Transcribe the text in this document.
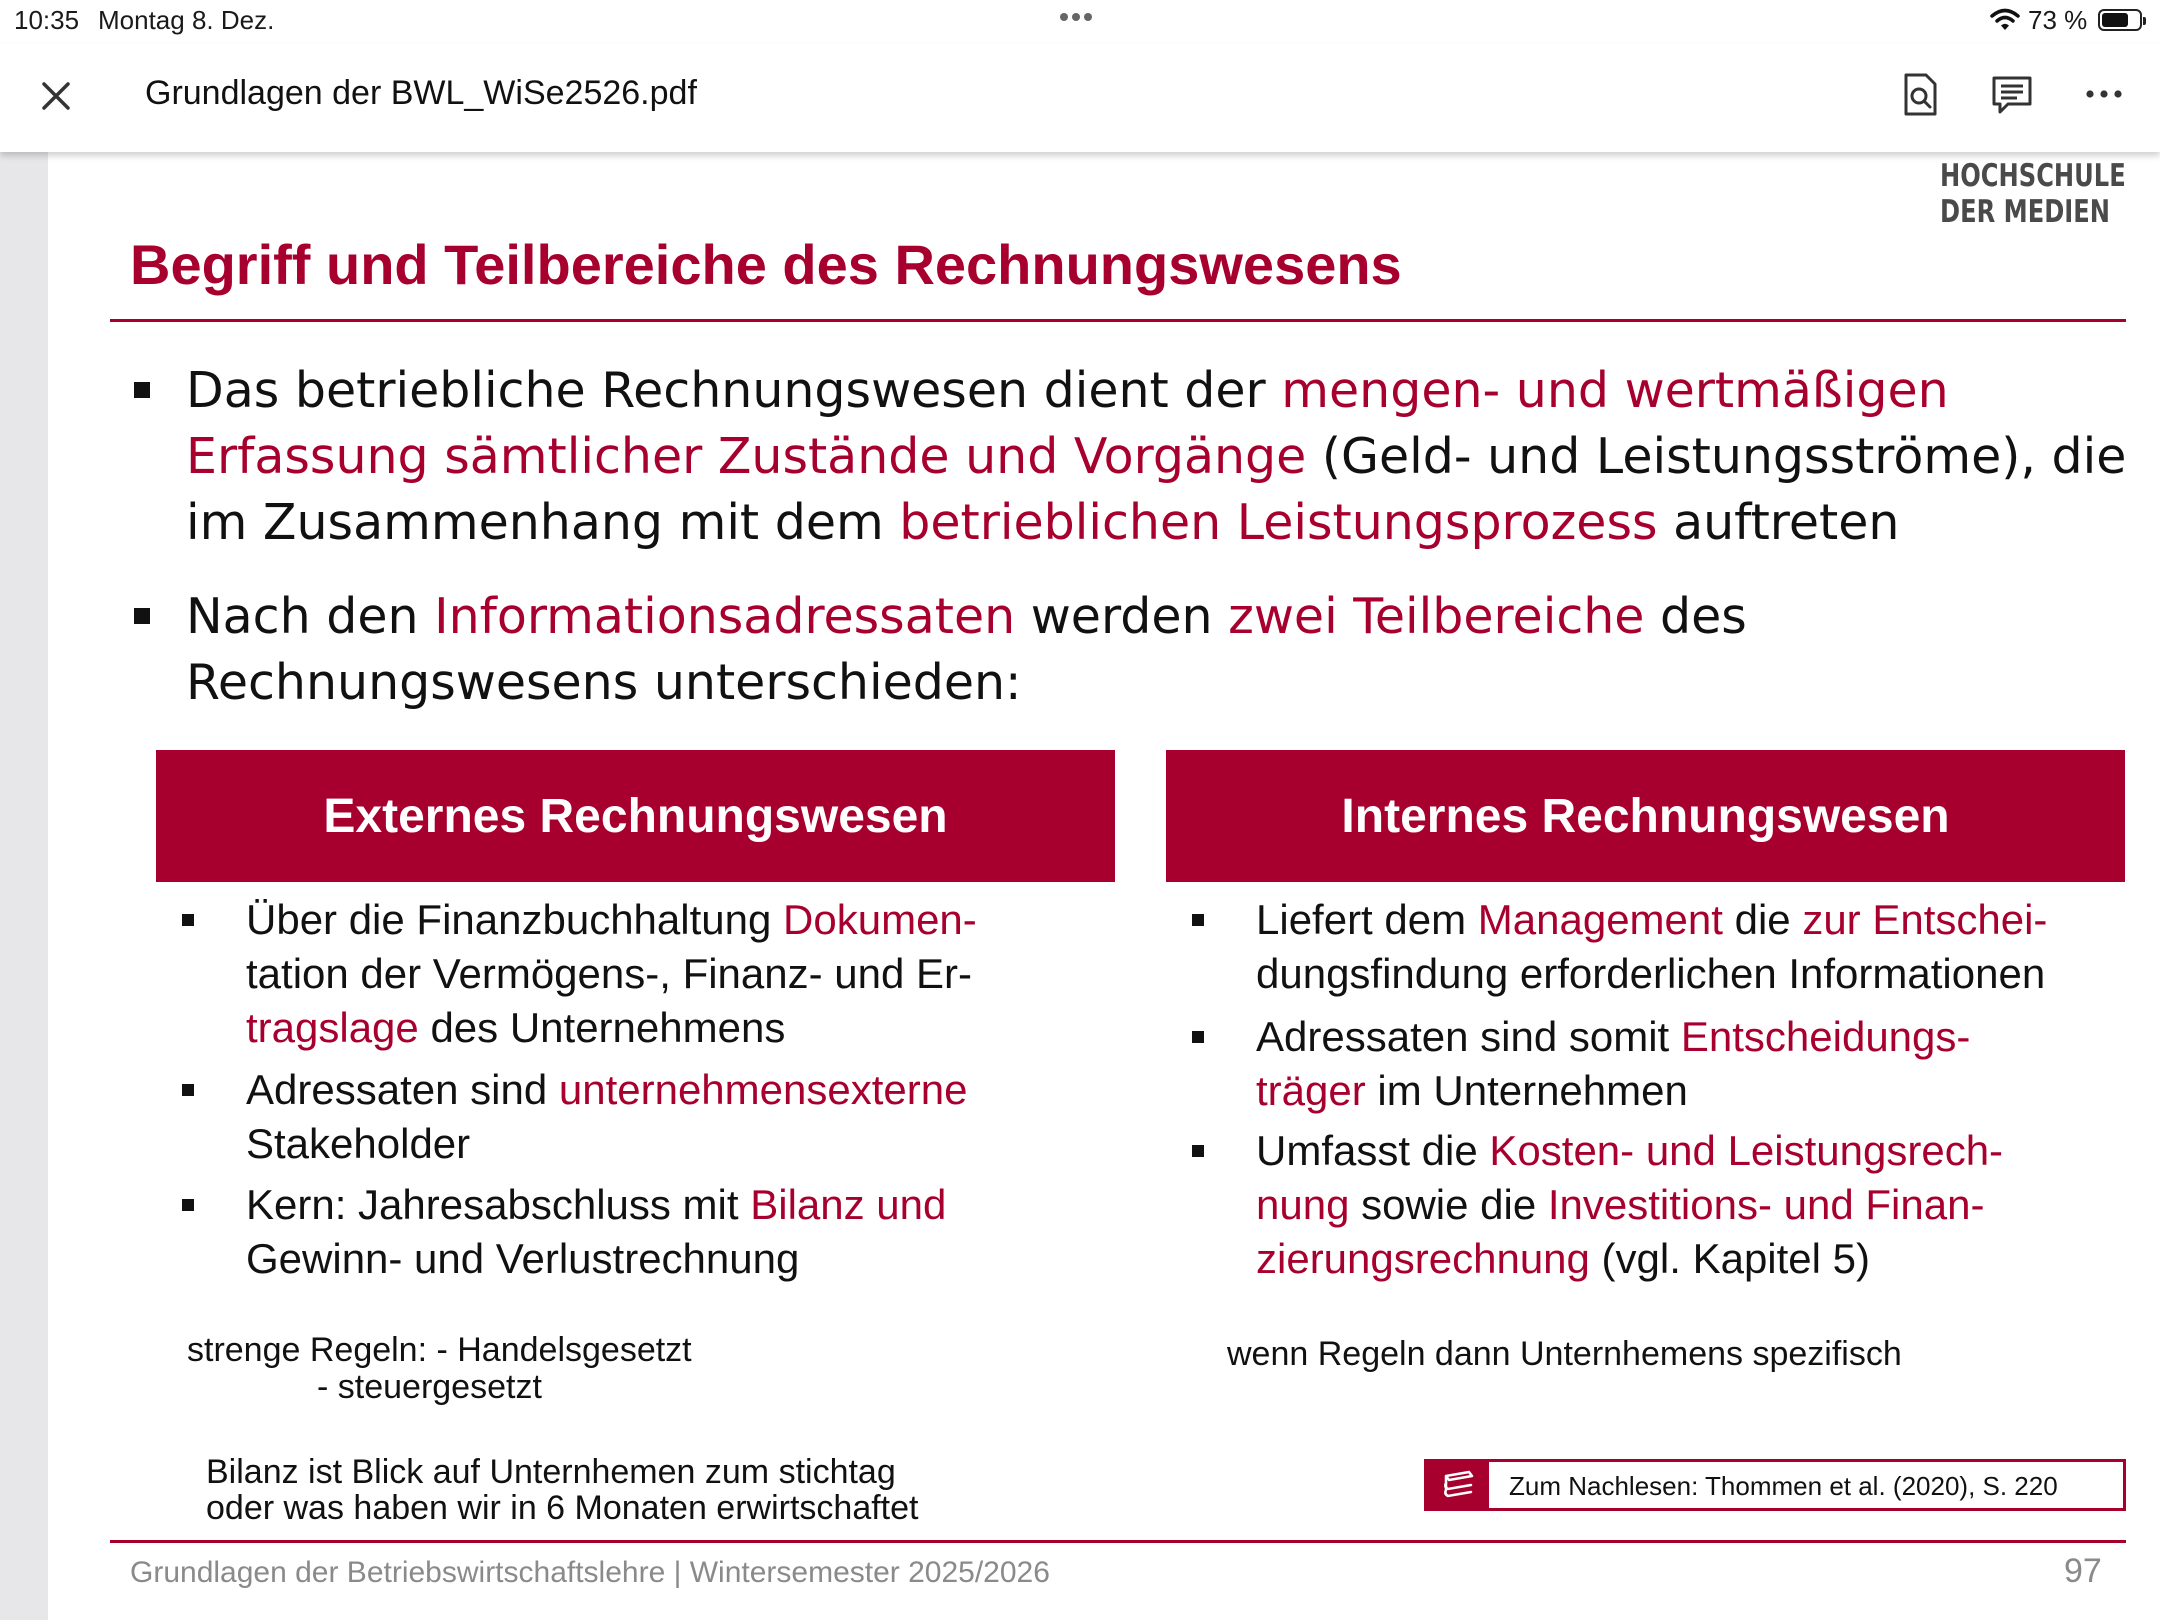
10:35 Montag 8. Dez.	73 %
Grundlagen der BWL_WiSe2526.pdf
HOCHSCHULE
DER MEDIEN
Begriff und Teilbereiche des Rechnungswesens
Das betriebliche Rechnungswesen dient der mengen- und wertmäßigen
Erfassung sämtlicher Zustände und Vorgänge (Geld- und Leistungsströme), die
im Zusammenhang mit dem betrieblichen Leistungsprozess auftreten
Nach den Informationsadressaten werden zwei Teilbereiche des
Rechnungswesens unterschieden:
Externes Rechnungswesen	Internes Rechnungswesen
Über die Finanzbuchhaltung Dokumen-
tation der Vermögens-, Finanz- und Er-
tragslage des Unternehmens
Adressaten sind unternehmensexterne
Stakeholder
Kern: Jahresabschluss mit Bilanz und
Gewinn- und Verlustrechnung
Liefert dem Management die zur Entschei-
dungsfindung erforderlichen Informationen
Adressaten sind somit Entscheidungs-
träger im Unternehmen
Umfasst die Kosten- und Leistungsrech-
nung sowie die Investitions- und Finan-
zierungsrechnung (vgl. Kapitel 5)
strenge Regeln: - Handelsgesetzt
- steuergesetzt
wenn Regeln dann Unternhemens spezifisch
Bilanz ist Blick auf Unternhemen zum stichtag
oder was haben wir in 6 Monaten erwirtschaftet
Zum Nachlesen: Thommen et al. (2020), S. 220
Grundlagen der Betriebswirtschaftslehre | Wintersemester 2025/2026	97
